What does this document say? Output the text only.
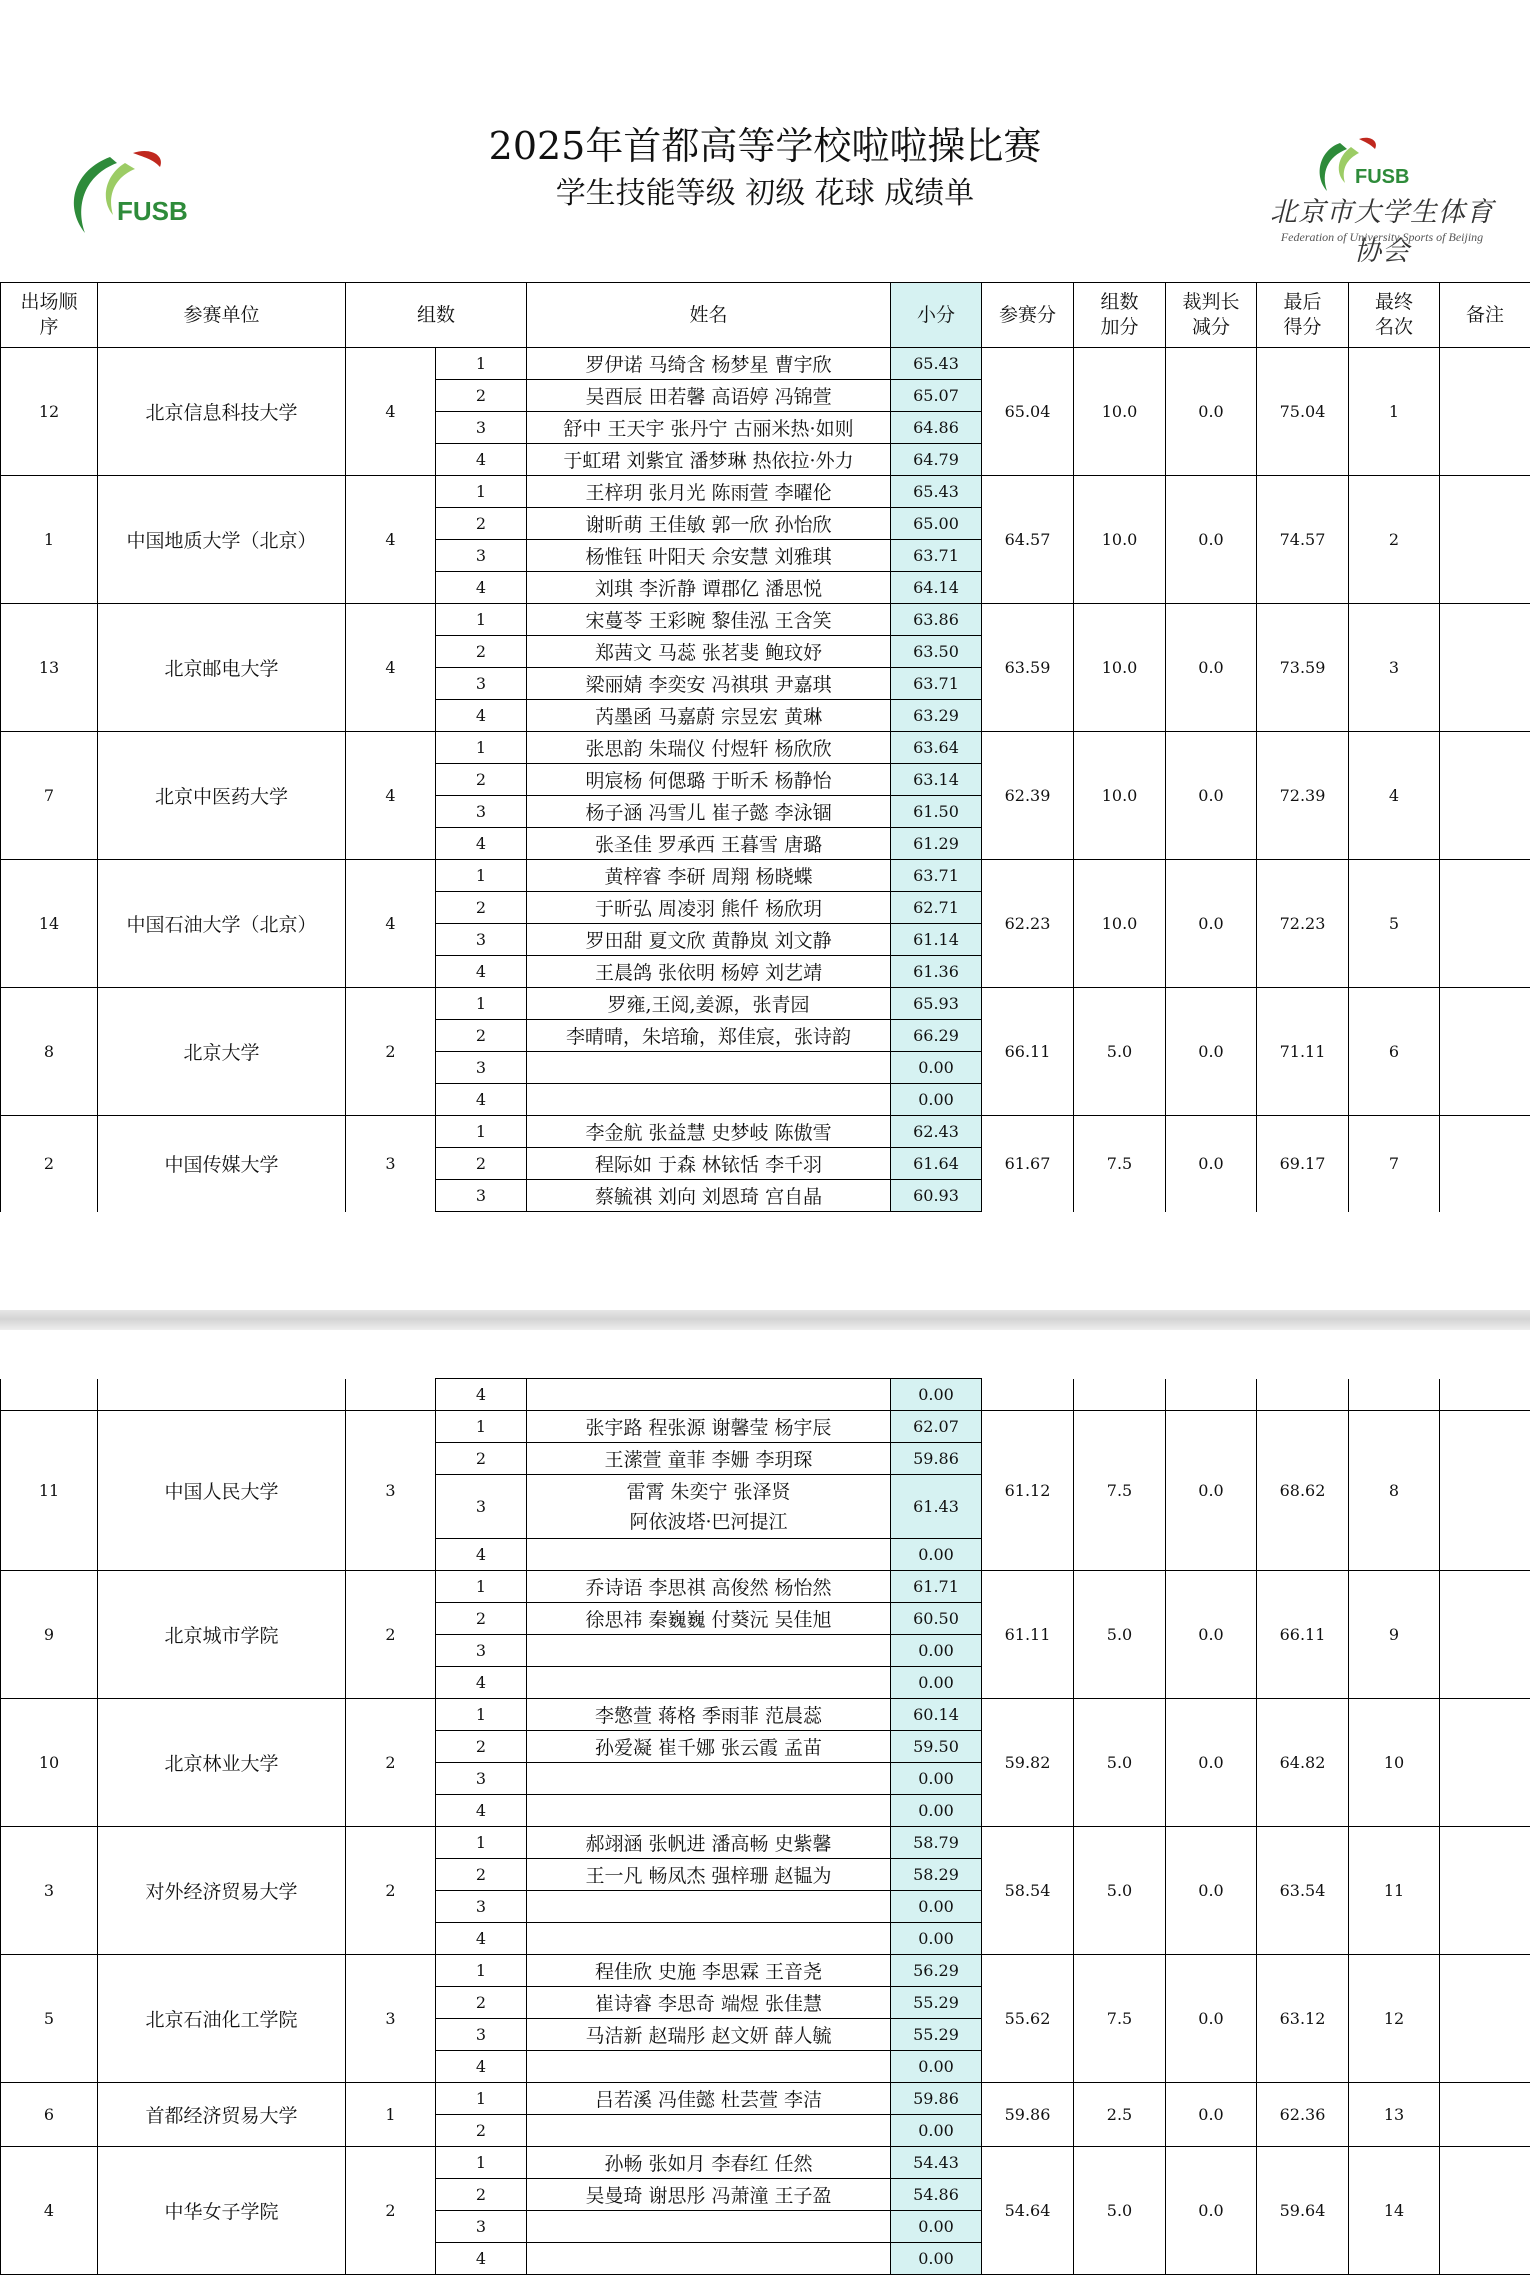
FUSB
2025年首都高等学校啦啦操比赛
学生技能等级 初级 花球 成绩单	FUSB
北京市大学生体育协会
Federation of University Sports of Beijing
出场顺序	参赛单位	组数		姓名	小分	参赛分	组数加分	裁判长减分	最后得分	最终名次	备注
12	北京信息科技大学	4	1	罗伊诺 马绮含 杨梦星 曹宇欣	65.43	65.04	10.0	0.0	75.04	1	
			2	吴酉辰 田若馨 高语婷 冯锦萱	65.07						
			3	舒中 王天宇 张丹宁 古丽米热·如则	64.86						
			4	于虹珺 刘紫宜 潘梦琳 热依拉·外力	64.79						
1	中国地质大学（北京）	4	1	王梓玥 张月光 陈雨萱 李曜伦	65.43	64.57	10.0	0.0	74.57	2	
			2	谢昕萌 王佳敏 郭一欣 孙怡欣	65.00						
			3	杨惟钰 叶阳天 佘安慧 刘雅琪	63.71						
			4	刘琪 李沂静 谭郡亿 潘思悦	64.14						
13	北京邮电大学	4	1	宋蔓苓 王彩晼 黎佳泓 王含笑	63.86	63.59	10.0	0.0	73.59	3	
			2	郑茜文 马蕊 张茗斐 鲍玟妤	63.50						
			3	梁丽婧 李奕安 冯祺琪 尹嘉琪	63.71						
			4	芮墨函 马嘉蔚 宗昱宏 黄琳	63.29						
7	北京中医药大学	4	1	张思韵 朱瑞仪 付煜轩 杨欣欣	63.64	62.39	10.0	0.0	72.39	4	
			2	明宸杨 何偲璐 于昕禾 杨静怡	63.14						
			3	杨子涵 冯雪儿 崔子懿 李泳锢	61.50						
			4	张圣佳 罗承西 王暮雪 唐璐	61.29						
14	中国石油大学（北京）	4	1	黄梓睿 李研 周翔 杨晓蝶	63.71	62.23	10.0	0.0	72.23	5	
			2	于昕弘 周凌羽 熊仟 杨欣玥	62.71						
			3	罗田甜 夏文欣 黄静岚 刘文静	61.14						
			4	王晨鸽 张依明 杨婷 刘艺靖	61.36						
8	北京大学	2	1	罗雍,王阅,姜源，张青园	65.93	66.11	5.0	0.0	71.11	6	
			2	李晴晴，朱培瑜，郑佳宸，张诗韵	66.29						
			3		0.00						
			4		0.00						
2	中国传媒大学	3	1	李金航 张益慧 史梦岐 陈傲雪	62.43	61.67	7.5	0.0	69.17	7	
			2	程际如 于森 林铱恬 李千羽	61.64						
			3	蔡毓祺 刘向 刘恩琦 宫自晶	60.93						
			4		0.00						
11	中国人民大学	3	1	张宇路 程张源 谢馨莹 杨宇辰	62.07	61.12	7.5	0.0	68.62	8	
			2	王潆萱 童菲 李姗 李玥琛	59.86						
			3	雷霄 朱奕宁 张泽贤
阿依波塔·巴河提江	61.43						
			4		0.00						
9	北京城市学院	2	1	乔诗语 李思祺 高俊然 杨怡然	61.71	61.11	5.0	0.0	66.11	9	
			2	徐思祎 秦巍巍 付葵沅 吴佳旭	60.50						
			3		0.00						
			4		0.00						
10	北京林业大学	2	1	李憼萱 蒋格 季雨菲 范晨蕊	60.14	59.82	5.0	0.0	64.82	10	
			2	孙爱凝 崔千娜 张云霞 孟苗	59.50						
			3		0.00						
			4		0.00						
3	对外经济贸易大学	2	1	郝翊涵 张帆进 潘高畅 史紫馨	58.79	58.54	5.0	0.0	63.54	11	
			2	王一凡 畅凤杰 强梓珊 赵韫为	58.29						
			3		0.00						
			4		0.00						
5	北京石油化工学院	3	1	程佳欣 史施 李思霖 王音尧	56.29	55.62	7.5	0.0	63.12	12	
			2	崔诗睿 李思奇 端煜 张佳慧	55.29						
			3	马洁新 赵瑞彤 赵文妍 薛人毓	55.29						
			4		0.00						
6	首都经济贸易大学	1	1	吕若溪 冯佳懿 杜芸萱 李洁	59.86	59.86	2.5	0.0	62.36	13	
			2		0.00						
4	中华女子学院	2	1	孙畅 张如月 李春红 任然	54.43	54.64	5.0	0.0	59.64	14	
			2	吴曼琦 谢思彤 冯萧潼 王子盈	54.86						
			3		0.00						
			4		0.00						
